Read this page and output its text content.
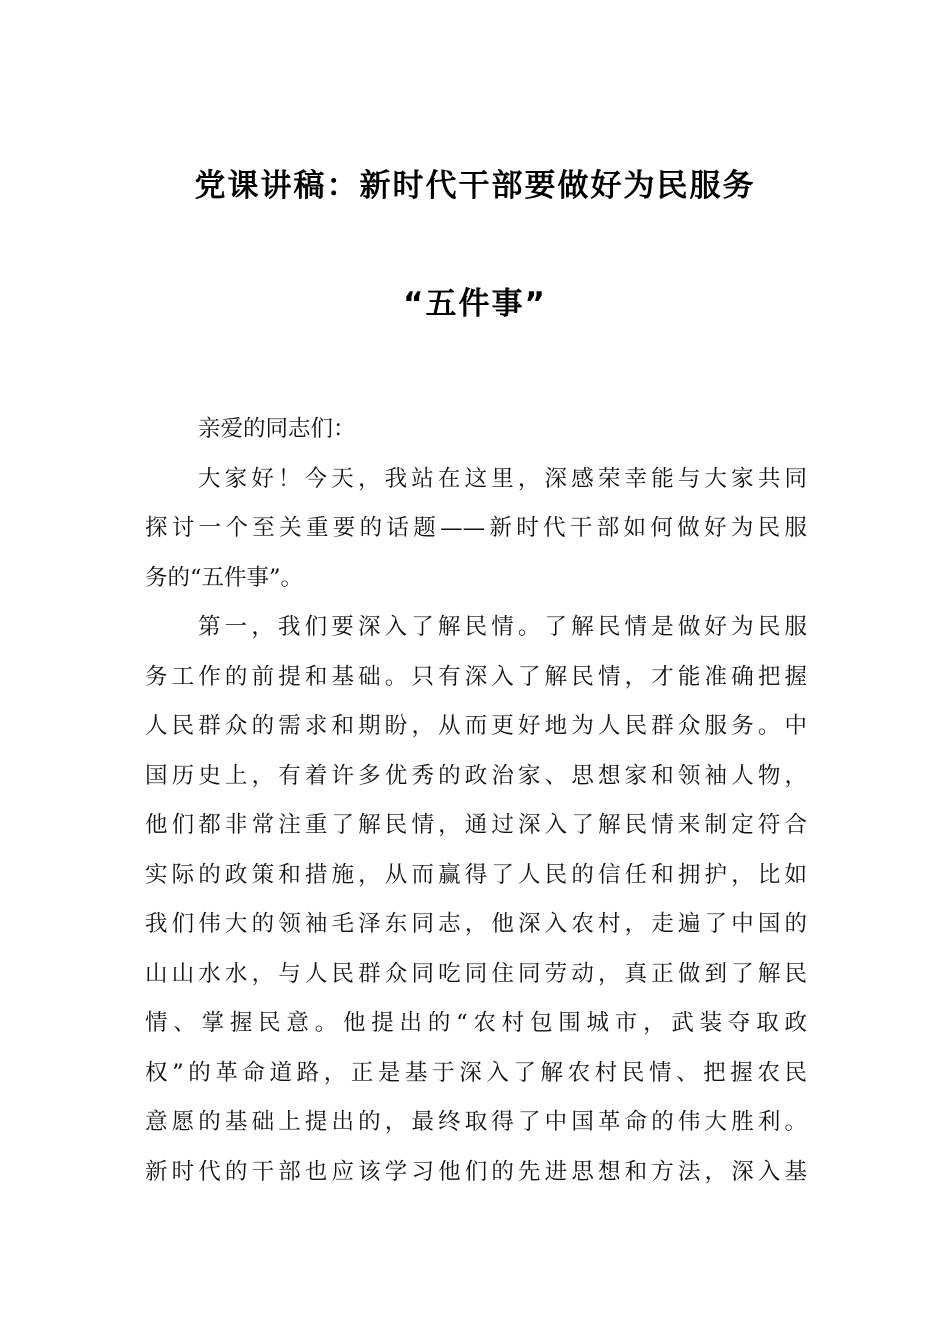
党课讲稿：新时代干部要做好为民服务
“五件事”
亲爱的同志们：
大家好！今天，我站在这里，深感荣幸能与大家共同
探讨一个至关重要的话题——新时代干部如何做好为民服
务的“五件事”。
第一，我们要深入了解民情。了解民情是做好为民服
务工作的前提和基础。只有深入了解民情，才能准确把握
人民群众的需求和期盼，从而更好地为人民群众服务。中
国历史上，有着许多优秀的政治家、思想家和领袖人物，
他们都非常注重了解民情，通过深入了解民情来制定符合
实际的政策和措施，从而赢得了人民的信任和拥护，比如
我们伟大的领袖毛泽东同志，他深入农村，走遍了中国的
山山水水，与人民群众同吃同住同劳动，真正做到了解民
情、掌握民意。他提出的“农村包围城市，武装夺取政
权”的革命道路，正是基于深入了解农村民情、把握农民
意愿的基础上提出的，最终取得了中国革命的伟大胜利。
新时代的干部也应该学习他们的先进思想和方法，深入基
